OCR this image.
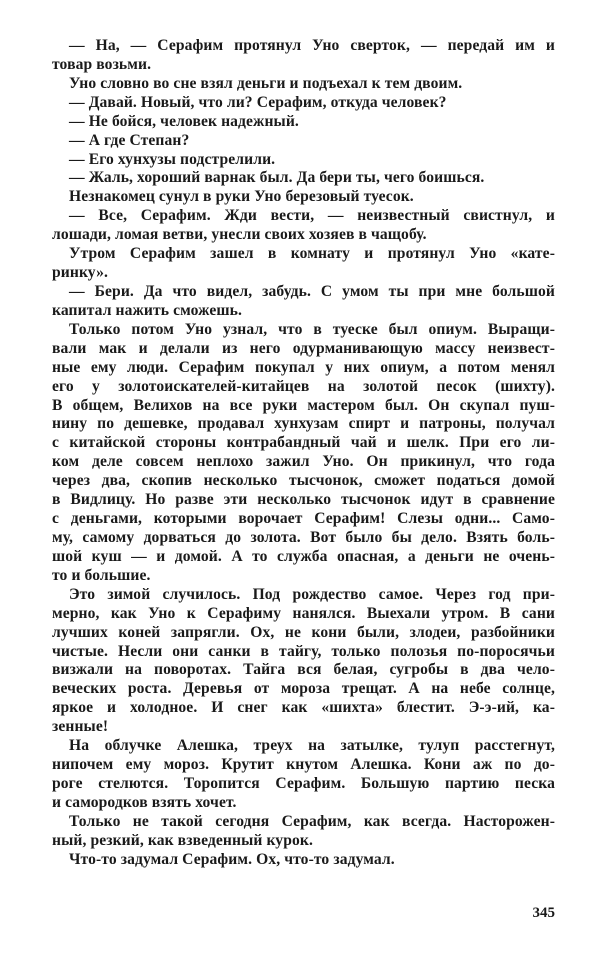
— На, — Серафим протянул Уно сверток, — передай им и
товар возьми.
Уно словно во сне взял деньги и подъехал к тем двоим.
— Давай. Новый, что ли? Серафим, откуда человек?
— Не бойся, человек надежный.
— А где Степан?
— Его хунхузы подстрелили.
— Жаль, хороший варнак был. Да бери ты, чего боишься.
Незнакомец сунул в руки Уно березовый туесок.
— Все, Серафим. Жди вести, — неизвестный свистнул, и
лошади, ломая ветви, унесли своих хозяев в чащобу.
Утром Серафим зашел в комнату и протянул Уно «кате-
ринку».
— Бери. Да что видел, забудь. С умом ты при мне большой
капитал нажить сможешь.
Только потом Уно узнал, что в туеске был опиум. Выращи-
вали мак и делали из него одурманивающую массу неизвест-
ные ему люди. Серафим покупал у них опиум, а потом менял
его у золотоискателей-китайцев на золотой песок (шихту).
В общем, Велихов на все руки мастером был. Он скупал пуш-
нину по дешевке, продавал хунхузам спирт и патроны, получал
с китайской стороны контрабандный чай и шелк. При его ли-
ком деле совсем неплохо зажил Уно. Он прикинул, что года
через два, скопив несколько тысчонок, сможет податься домой
в Видлицу. Но разве эти несколько тысчонок идут в сравнение
с деньгами, которыми ворочает Серафим! Слезы одни... Само-
му, самому дорваться до золота. Вот было бы дело. Взять боль-
шой куш — и домой. А то служба опасная, а деньги не очень-
то и большие.
Это зимой случилось. Под рождество самое. Через год при-
мерно, как Уно к Серафиму нанялся. Выехали утром. В сани
лучших коней запрягли. Ох, не кони были, злодеи, разбойники
чистые. Несли они санки в тайгу, только полозья по-поросячьи
визжали на поворотах. Тайга вся белая, сугробы в два чело-
веческих роста. Деревья от мороза трещат. А на небе солнце,
яркое и холодное. И снег как «шихта» блестит. Э-э-ий, ка-
зенные!
На облучке Алешка, треух на затылке, тулуп расстегнут,
нипочем ему мороз. Крутит кнутом Алешка. Кони аж по до-
роге стелются. Торопится Серафим. Большую партию песка
и самородков взять хочет.
Только не такой сегодня Серафим, как всегда. Насторожен-
ный, резкий, как взведенный курок.
Что-то задумал Серафим. Ох, что-то задумал.
345
